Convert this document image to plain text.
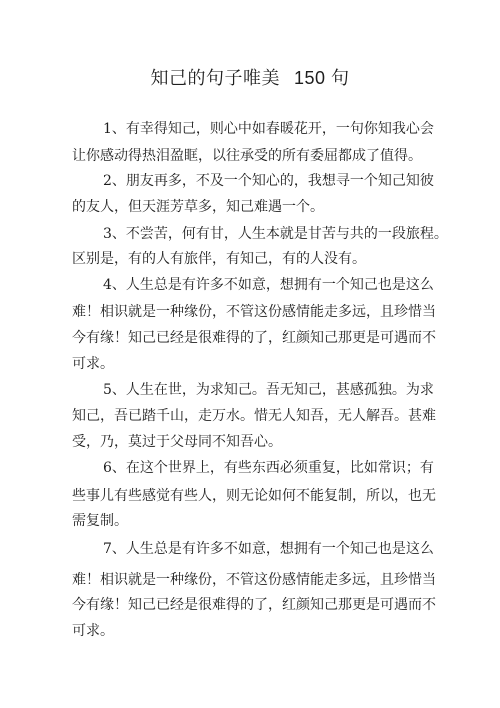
知己的句子唯美 150 句
1、有幸得知己，则心中如春暖花开，一句你知我心会
让你感动得热泪盈眶，以往承受的所有委屈都成了值得。
2、朋友再多，不及一个知心的，我想寻一个知己知彼
的友人，但天涯芳草多，知己难遇一个。
3、不尝苦，何有甘，人生本就是甘苦与共的一段旅程。
区别是，有的人有旅伴，有知己，有的人没有。
4、人生总是有许多不如意，想拥有一个知己也是这么
难！相识就是一种缘份，不管这份感情能走多远，且珍惜当
今有缘！知己已经是很难得的了，红颜知己那更是可遇而不
可求。
5、人生在世，为求知己。吾无知己，甚感孤独。为求
知己，吾已踏千山，走万水。惜无人知吾，无人解吾。甚难
受，乃，莫过于父母同不知吾心。
6、在这个世界上，有些东西必须重复，比如常识；有
些事儿有些感觉有些人，则无论如何不能复制，所以，也无
需复制。
7、人生总是有许多不如意，想拥有一个知己也是这么
难！相识就是一种缘份，不管这份感情能走多远，且珍惜当
今有缘！知己已经是很难得的了，红颜知己那更是可遇而不
可求。
